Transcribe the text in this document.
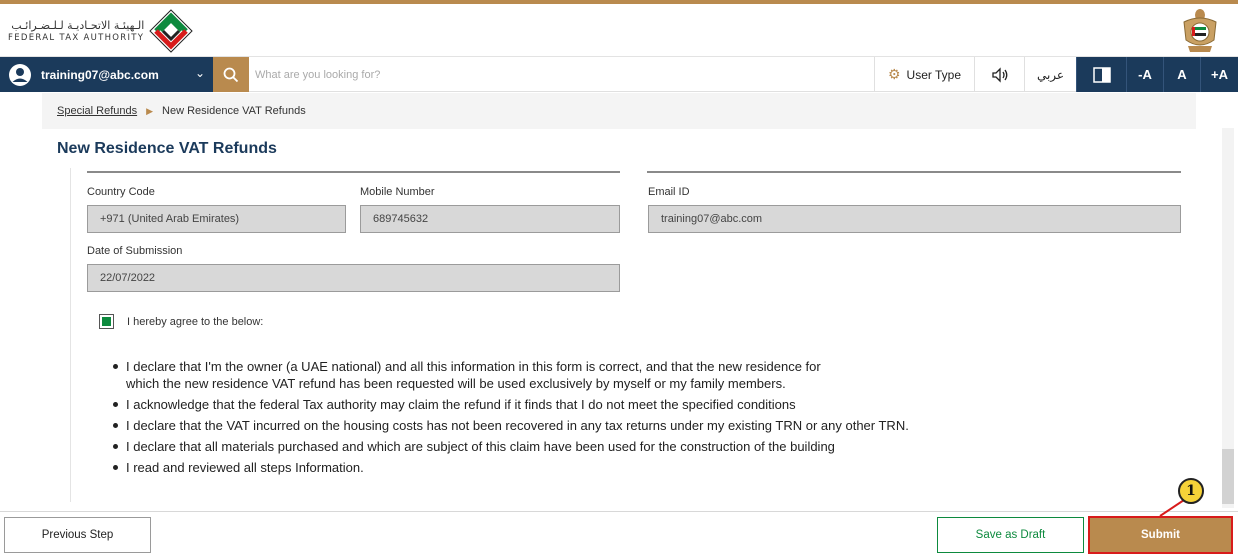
الـهيئـة الاتحـاديـة لـلـضـرائـب
FEDERAL TAX AUTHORITY
training07@abc.com	⌄
What are you looking for?	⚙ User Type	عربي	-A	A	+A
Special Refunds ▶ New Residence VAT Refunds
New Residence VAT Refunds
Country Code
+971 (United Arab Emirates)
Mobile Number
689745632
Email ID
training07@abc.com
Date of Submission
22/07/2022
I hereby agree to the below:
I declare that I'm the owner (a UAE national) and all this information in this form is correct, and that the new residence for
which the new residence VAT refund has been requested will be used exclusively by myself or my family members.
I acknowledge that the federal Tax authority may claim the refund if it finds that I do not meet the specified conditions
I declare that the VAT incurred on the housing costs has not been recovered in any tax returns under my existing TRN or any other TRN.
I declare that all materials purchased and which are subject of this claim have been used for the construction of the building
I read and reviewed all steps Information.
Previous Step	Save as Draft	Submit
1
